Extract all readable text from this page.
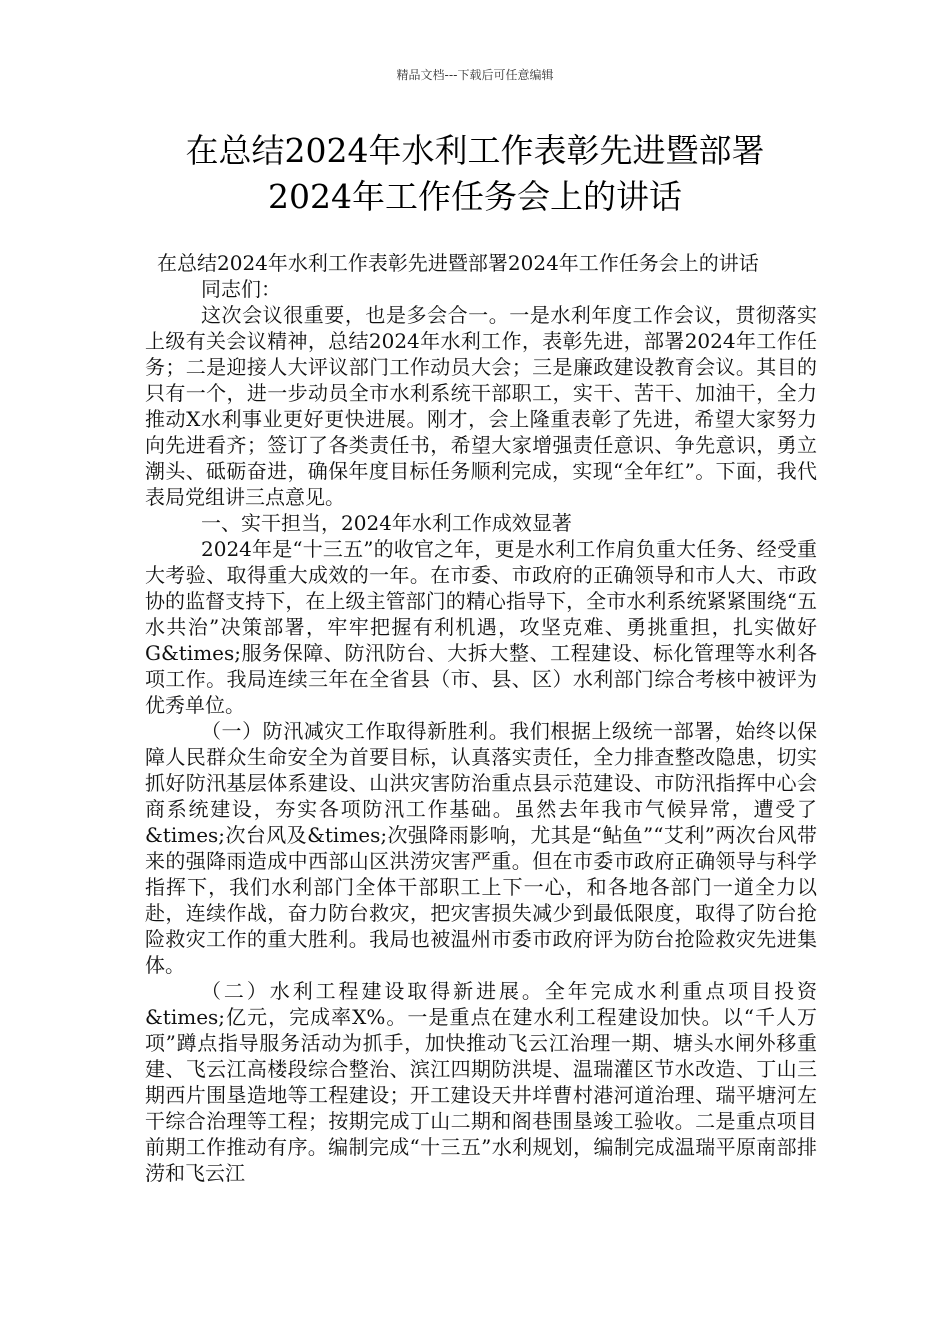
精品文档---下载后可任意编辑
在总结2024年水利工作表彰先进暨部署
2024年工作任务会上的讲话

在总结2024年水利工作表彰先进暨部署2024年工作任务会上的讲话

同志们：

这次会议很重要，也是多会合一。一是水利年度工作会议，贯彻落实上级有关会议精神，总结2024年水利工作，表彰先进，部署2024年工作任务；二是迎接人大评议部门工作动员大会；三是廉政建设教育会议。其目的只有一个，进一步动员全市水利系统干部职工，实干、苦干、加油干，全力推动X水利事业更好更快进展。刚才，会上隆重表彰了先进，希望大家努力向先进看齐；签订了各类责任书，希望大家增强责任意识、争先意识，勇立潮头、砥砺奋进，确保年度目标任务顺利完成，实现“全年红”。下面，我代表局党组讲三点意见。

一、实干担当，2024年水利工作成效显著

2024年是“十三五”的收官之年，更是水利工作肩负重大任务、经受重大考验、取得重大成效的一年。在市委、市政府的正确领导和市人大、市政协的监督支持下，在上级主管部门的精心指导下，全市水利系统紧紧围绕“五水共治”决策部署，牢牢把握有利机遇，攻坚克难、勇挑重担，扎实做好G&times;服务保障、防汛防台、大拆大整、工程建设、标化管理等水利各项工作。我局连续三年在全省县（市、县、区）水利部门综合考核中被评为优秀单位。

（一）防汛减灾工作取得新胜利。我们根据上级统一部署，始终以保障人民群众生命安全为首要目标，认真落实责任，全力排查整改隐患，切实抓好防汛基层体系建设、山洪灾害防治重点县示范建设、市防汛指挥中心会商系统建设，夯实各项防汛工作基础。虽然去年我市气候异常，遭受了&times;次台风及&times;次强降雨影响，尤其是“鲇鱼”“艾利”两次台风带来的强降雨造成中西部山区洪涝灾害严重。但在市委市政府正确领导与科学指挥下，我们水利部门全体干部职工上下一心，和各地各部门一道全力以赴，连续作战，奋力防台救灾，把灾害损失减少到最低限度，取得了防台抢险救灾工作的重大胜利。我局也被温州市委市政府评为防台抢险救灾先进集体。

（二）水利工程建设取得新进展。全年完成水利重点项目投资&times;亿元，完成率X%。一是重点在建水利工程建设加快。以“千人万项”蹲点指导服务活动为抓手，加快推动飞云江治理一期、塘头水闸外移重建、飞云江高楼段综合整治、滨江四期防洪堤、温瑞灌区节水改造、丁山三期西片围垦造地等工程建设；开工建设天井垟曹村港河道治理、瑞平塘河左干综合治理等工程；按期完成丁山二期和阁巷围垦竣工验收。二是重点项目前期工作推动有序。编制完成“十三五”水利规划，编制完成温瑞平原南部排涝和飞云江
